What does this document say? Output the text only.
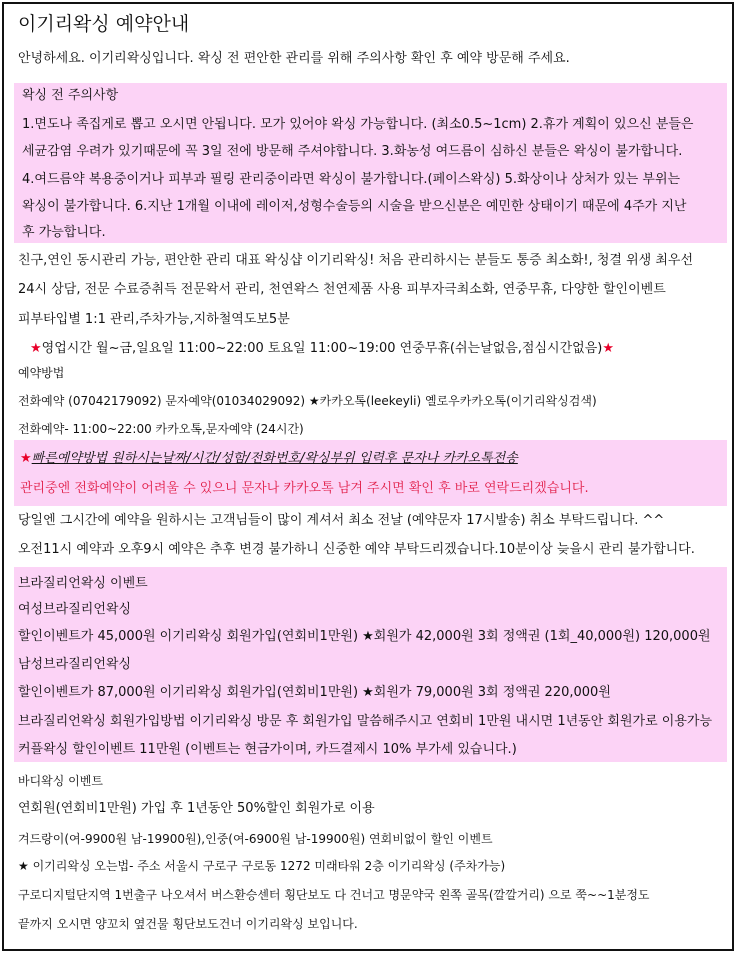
이기리왁싱 예약안내
안녕하세요. 이기리왁싱입니다. 왁싱 전 편안한 관리를 위해 주의사항 확인 후 예약 방문해 주세요.
왁싱 전 주의사항
1.면도나 족집게로 뽑고 오시면 안됩니다. 모가 있어야 왁싱 가능합니다. (최소0.5~1cm) 2.휴가 계획이 있으신 분들은
세균감염 우려가 있기때문에 꼭 3일 전에 방문해 주셔야합니다. 3.화농성 여드름이 심하신 분들은 왁싱이 불가합니다.
4.여드름약 복용중이거나 피부과 필링 관리중이라면 왁싱이 불가합니다.(페이스왁싱) 5.화상이나 상처가 있는 부위는
왁싱이 불가합니다. 6.지난 1개월 이내에 레이저,성형수술등의 시술을 받으신분은 예민한 상태이기 때문에 4주가 지난
후 가능합니다.
친구,연인 동시관리 가능, 편안한 관리 대표 왁싱샵 이기리왁싱! 처음 관리하시는 분들도 통증 최소화!, 청결 위생 최우선
24시 상담, 전문 수료증취득 전문왁서 관리, 천연왁스 천연제품 사용 피부자극최소화, 연중무휴, 다양한 할인이벤트
피부타입별 1:1 관리,주차가능,지하철역도보5분
★영업시간 월~금,일요일 11:00~22:00 토요일 11:00~19:00 연중무휴(쉬는날없음,점심시간없음)★
예약방법
전화예약 (07042179092) 문자예약(01034029092) ★카카오톡(leekeyli) 옐로우카카오톡(이기리왁싱검색)
전화예약- 11:00~22:00 카카오톡,문자예약 (24시간)
★빠른예약방법 원하시는날짜/시간/성함/전화번호/왁싱부위 입력후 문자나 카카오톡전송
관리중엔 전화예약이 어려울 수 있으니 문자나 카카오톡 남겨 주시면 확인 후 바로 연락드리겠습니다.
당일엔 그시간에 예약을 원하시는 고객님들이 많이 계셔서 최소 전날 (예약문자 17시발송) 취소 부탁드립니다. ^^
오전11시 예약과 오후9시 예약은 추후 변경 불가하니 신중한 예약 부탁드리겠습니다.10분이상 늦을시 관리 불가합니다.
브라질리언왁싱 이벤트
여성브라질리언왁싱
할인이벤트가 45,000원 이기리왁싱 회원가입(연회비1만원) ★회원가 42,000원 3회 정액권 (1회_40,000원) 120,000원
남성브라질리언왁싱
할인이벤트가 87,000원 이기리왁싱 회원가입(연회비1만원) ★회원가 79,000원 3회 정액권 220,000원
브라질리언왁싱 회원가입방법 이기리왁싱 방문 후 회원가입 말씀해주시고 연회비 1만원 내시면 1년동안 회원가로 이용가능
커플왁싱 할인이벤트 11만원 (이벤트는 현금가이며, 카드결제시 10% 부가세 있습니다.)
바디왁싱 이벤트
연회원(연회비1만원) 가입 후 1년동안 50%할인 회원가로 이용
겨드랑이(여-9900원 남-19900원),인중(여-6900원 남-19900원) 연회비없이 할인 이벤트
★ 이기리왁싱 오는법- 주소 서울시 구로구 구로동 1272 미래타워 2층 이기리왁싱 (주차가능)
구로디지털단지역 1번출구 나오셔서 버스환승센터 횡단보도 다 건너고 명문약국 왼쪽 골목(깔깔거리) 으로 쭉~~1분정도
끝까지 오시면 양꼬치 옆건물 횡단보도건너 이기리왁싱 보입니다.
